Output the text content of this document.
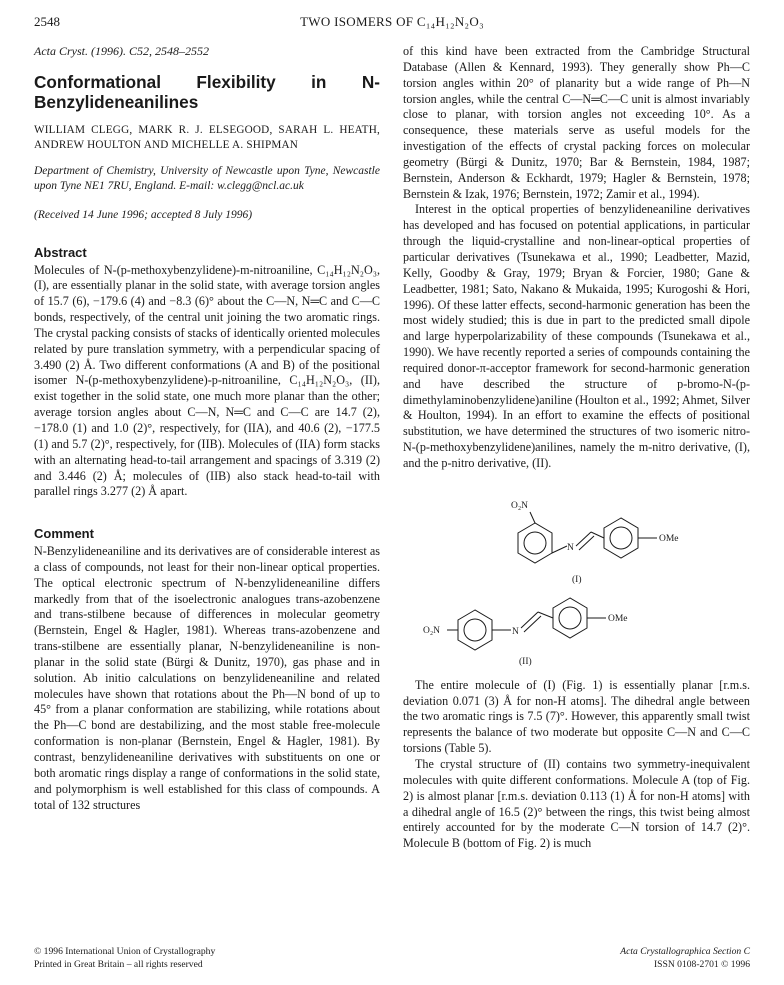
2548	TWO ISOMERS OF C₁₄H₁₂N₂O₃

Acta Cryst. (1996). C52, 2548–2552

Conformational Flexibility in N-Benzylideneanilines

WILLIAM CLEGG, MARK R. J. ELSEGOOD, SARAH L. HEATH, ANDREW HOULTON AND MICHELLE A. SHIPMAN

Department of Chemistry, University of Newcastle upon Tyne, Newcastle upon Tyne NE1 7RU, England. E-mail: w.clegg@ncl.ac.uk

(Received 14 June 1996; accepted 8 July 1996)

Abstract

Molecules of N-(p-methoxybenzylidene)-m-nitroaniline, C₁₄H₁₂N₂O₃, (I), are essentially planar in the solid state, with average torsion angles of 15.7 (6), −179.6 (4) and −8.3 (6)° about the C—N, N═C and C—C bonds, respectively, of the central unit joining the two aromatic rings. The crystal packing consists of stacks of identically oriented molecules related by pure translation symmetry, with a perpendicular spacing of 3.490 (2) Å. Two different conformations (A and B) of the positional isomer N-(p-methoxybenzylidene)-p-nitroaniline, C₁₄H₁₂N₂O₃, (II), exist together in the solid state, one much more planar than the other; average torsion angles about C—N, N═C and C—C are 14.7 (2), −178.0 (1) and 1.0 (2)°, respectively, for (IIA), and 40.6 (2), −177.5 (1) and 5.7 (2)°, respectively, for (IIB). Molecules of (IIA) form stacks with an alternating head-to-tail arrangement and spacings of 3.319 (2) and 3.446 (2) Å; molecules of (IIB) also stack head-to-tail with parallel rings 3.277 (2) Å apart.

Comment

N-Benzylideneaniline and its derivatives are of considerable interest as a class of compounds, not least for their non-linear optical properties. The optical electronic spectrum of N-benzylideneaniline differs markedly from that of the isoelectronic analogues trans-azobenzene and trans-stilbene because of differences in molecular geometry (Bernstein, Engel & Hagler, 1981). Whereas trans-azobenzene and trans-stilbene are essentially planar, N-benzylideneaniline is non-planar in the solid state (Bürgi & Dunitz, 1970), gas phase and in solution. Ab initio calculations on benzylideneaniline and related molecules have shown that rotations about the Ph—N bond of up to 45° from a planar conformation are stabilizing, while rotations about the Ph—C bond are destabilizing, and the most stable free-molecule conformation is non-planar (Bernstein, Engel & Hagler, 1981). By contrast, benzylideneaniline derivatives with substituents on one or both aromatic rings display a range of conformations in the solid state, and polymorphism is well established for this class of compounds. A total of 132 structures

of this kind have been extracted from the Cambridge Structural Database (Allen & Kennard, 1993). They generally show Ph—C torsion angles within 20° of planarity but a wide range of Ph—N torsion angles, while the central C—N═C—C unit is almost invariably close to planar, with torsion angles not exceeding 10°. As a consequence, these materials serve as useful models for the investigation of the effects of crystal packing forces on molecular geometry (Bürgi & Dunitz, 1970; Bar & Bernstein, 1984, 1987; Bernstein, Anderson & Eckhardt, 1979; Hagler & Bernstein, 1978; Bernstein & Izak, 1976; Bernstein, 1972; Zamir et al., 1994).

Interest in the optical properties of benzylideneaniline derivatives has developed and has focused on potential applications, in particular through the liquid-crystalline and non-linear-optical properties of particular derivatives (Tsunekawa et al., 1990; Leadbetter, Mazid, Kelly, Goodby & Gray, 1979; Bryan & Forcier, 1980; Gane & Leadbetter, 1981; Sato, Nakano & Mukaida, 1995; Kurogoshi & Hori, 1996). Of these latter effects, second-harmonic generation has been the most widely studied; this is due in part to the predicted small dipole and large hyperpolarizability of these compounds (Tsunekawa et al., 1990). We have recently reported a series of compounds containing the required donor-π-acceptor framework for second-harmonic generation and have described the structure of p-bromo-N-(p-dimethylaminobenzylidene)aniline (Houlton et al., 1992; Ahmet, Silver & Houlton, 1994). In an effort to examine the effects of positional substitution, we have determined the structures of two isomeric nitro-N-(p-methoxybenzylidene)anilines, namely the m-nitro derivative, (I), and the p-nitro derivative, (II).

O₂N
N
OMe
(I)
O₂N	N
OMe
(II)

The entire molecule of (I) (Fig. 1) is essentially planar [r.m.s. deviation 0.071 (3) Å for non-H atoms]. The dihedral angle between the two aromatic rings is 7.5 (7)°. However, this apparently small twist represents the balance of two moderate but opposite C—N and C—C torsions (Table 5).

The crystal structure of (II) contains two symmetry-inequivalent molecules with quite different conformations. Molecule A (top of Fig. 2) is almost planar [r.m.s. deviation 0.113 (1) Å for non-H atoms] with a dihedral angle of 16.5 (2)° between the rings, this twist being almost entirely accounted for by the moderate C—N torsion of 14.7 (2)°. Molecule B (bottom of Fig. 2) is much

© 1996 International Union of Crystallography
Printed in Great Britain – all rights reserved
Acta Crystallographica Section C
ISSN 0108-2701 © 1996
